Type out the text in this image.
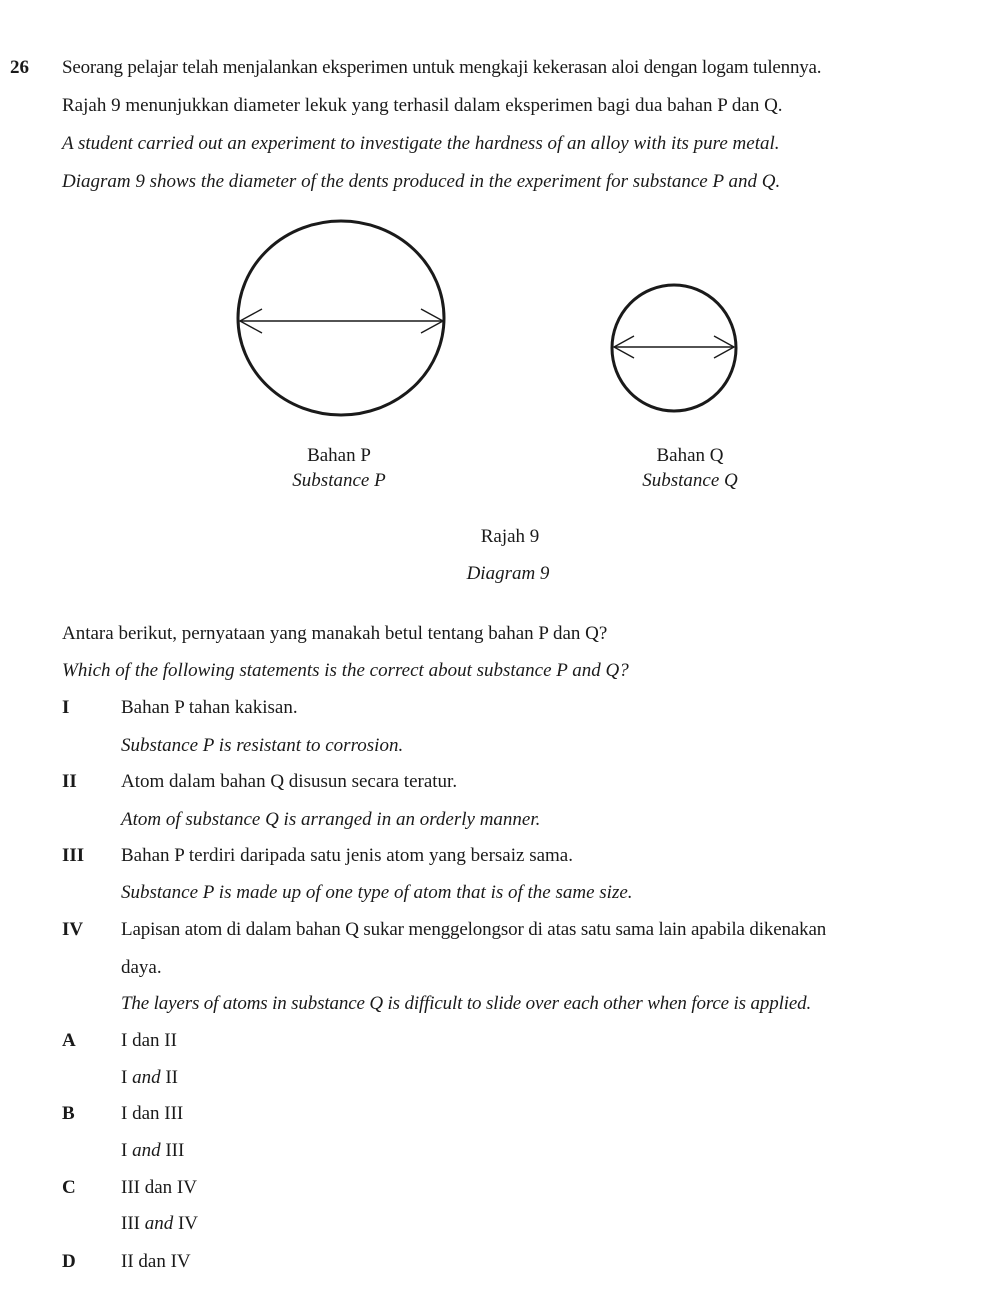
26 Seorang pelajar telah menjalankan eksperimen untuk mengkaji kekerasan aloi dengan logam tulennya.
Rajah 9 menunjukkan diameter lekuk yang terhasil dalam eksperimen bagi dua bahan P dan Q.
A student carried out an experiment to investigate the hardness of an alloy with its pure metal.
Diagram 9 shows the diameter of the dents produced in the experiment for substance P and Q.
Bahan P
Substance P
Bahan Q
Substance Q
Rajah 9
Diagram 9
Antara berikut, pernyataan yang manakah betul tentang bahan P dan Q?
Which of the following statements is the correct about substance P and Q?
I	Bahan P tahan kakisan.
Substance P is resistant to corrosion.
II Atom dalam bahan Q disusun secara teratur.
Atom of substance Q is arranged in an orderly manner.
III Bahan P terdiri daripada satu jenis atom yang bersaiz sama.
Substance P is made up of one type of atom that is of the same size.
IV Lapisan atom di dalam bahan Q sukar menggelongsor di atas satu sama lain apabila dikenakan
daya.
The layers of atoms in substance Q is difficult to slide over each other when force is applied.
A I dan II
I and II
B I dan III
I and III
C III dan IV
III and IV
D II dan IV
